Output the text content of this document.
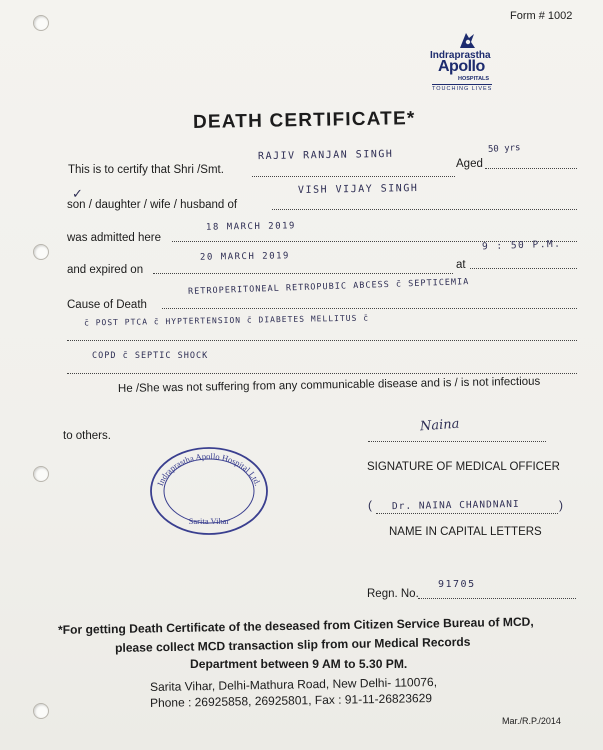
Form # 1002
Indraprastha
Apollo
HOSPITALS
TOUCHING LIVES
DEATH CERTIFICATE*
This is to certify that Shri /Smt.
RAJIV RANJAN SINGH
Aged
50 yrs
✓
son / daughter / wife / husband of
VISH VIJAY SINGH
was admitted here
18 MARCH 2019
and expired on
20 MARCH 2019
at
9 : 50 P.M.
Cause of Death
RETROPERITONEAL RETROPUBIC ABCESS c̄ SEPTICEMIA
c̄ POST PTCA c̄ HYPTERTENSION c̄ DIABETES MELLITUS c̄
COPD c̄ SEPTIC SHOCK
He /She was not suffering from any communicable disease and is / is not infectious
to others.
Naina
SIGNATURE OF MEDICAL OFFICER
( Dr. NAINA CHANDNANI	)
NAME IN CAPITAL LETTERS
Indraprastha Apollo Hospital Ltd.
Sarita Vihar
Regn. No.
91705
*For getting Death Certificate of the deseased from Citizen Service Bureau of MCD,
please collect MCD transaction slip from our Medical Records
Department between 9 AM to 5.30 PM.
Sarita Vihar, Delhi-Mathura Road, New Delhi- 110076,
Phone : 26925858, 26925801, Fax : 91-11-26823629
Mar./R.P./2014
